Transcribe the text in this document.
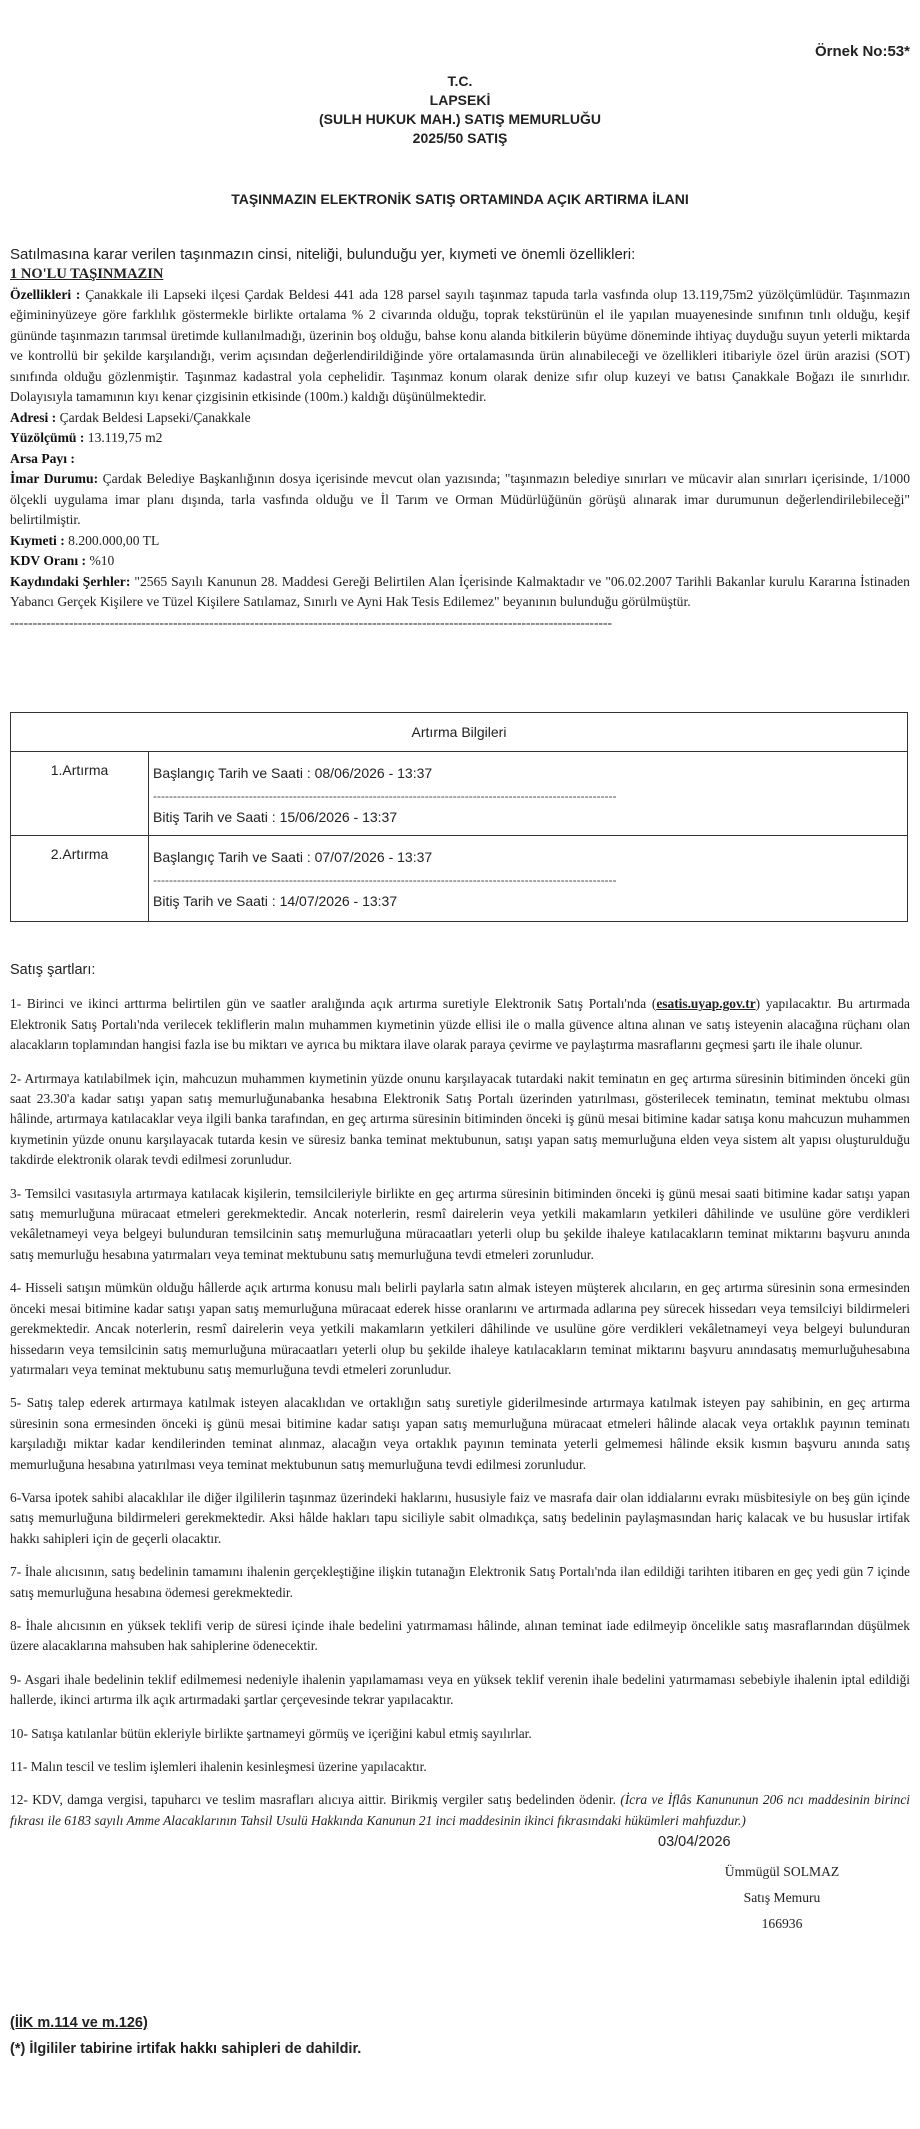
Örnek No:53*
T.C.
LAPSEKİ
(SULH HUKUK MAH.) SATIŞ MEMURLUĞU
2025/50 SATIŞ
TAŞINMAZIN ELEKTRONİK SATIŞ ORTAMINDA AÇIK ARTIRMA İLANI
Satılmasına karar verilen taşınmazın cinsi, niteliği, bulunduğu yer, kıymeti ve önemli özellikleri:

1 NO'LU TAŞINMAZIN

Özellikleri : Çanakkale ili Lapseki ilçesi Çardak Beldesi 441 ada 128 parsel sayılı taşınmaz tapuda tarla vasfında olup 13.119,75m2 yüzölçümlüdür. Taşınmazın eğimininyüzeye göre farklılık göstermekle birlikte ortalama % 2 civarında olduğu, toprak tekstürünün el ile yapılan muayenesinde sınıfının tınlı olduğu, keşif gününde taşınmazın tarımsal üretimde kullanılmadığı, üzerinin boş olduğu, bahse konu alanda bitkilerin büyüme döneminde ihtiyaç duyduğu suyun yeterli miktarda ve kontrollü bir şekilde karşılandığı, verim açısından değerlendirildiğinde yöre ortalamasında ürün alınabileceği ve özellikleri itibariyle özel ürün arazisi (SOT) sınıfında olduğu gözlenmiştir. Taşınmaz kadastral yola cephelidir. Taşınmaz konum olarak denize sıfır olup kuzeyi ve batısı Çanakkale Boğazı ile sınırlıdır. Dolayısıyla tamamının kıyı kenar çizgisinin etkisinde (100m.) kaldığı düşünülmektedir.

Adresi : Çardak Beldesi Lapseki/Çanakkale

Yüzölçümü : 13.119,75 m2

Arsa Payı :

İmar Durumu: Çardak Belediye Başkanlığının dosya içerisinde mevcut olan yazısında; "taşınmazın belediye sınırları ve mücavir alan sınırları içerisinde, 1/1000 ölçekli uygulama imar planı dışında, tarla vasfında olduğu ve İl Tarım ve Orman Müdürlüğünün görüşü alınarak imar durumunun değerlendirilebileceği" belirtilmiştir.

Kıymeti : 8.200.000,00 TL

KDV Oranı : %10

Kaydındaki Şerhler: "2565 Sayılı Kanunun 28. Maddesi Gereği Belirtilen Alan İçerisinde Kalmaktadır ve "06.02.2007 Tarihli Bakanlar kurulu Kararına İstinaden Yabancı Gerçek Kişilere ve Tüzel Kişilere Satılamaz, Sınırlı ve Ayni Hak Tesis Edilemez" beyanının bulunduğu görülmüştür.

-------------------------------------------------------------------------------------------------------------------------------------

Artırma Bilgileri	
1.Artırma	Başlangıç Tarih ve Saati : 08/06/2026 - 13:37
--------------------------------------------------------------------------------------------------------------------
Bitiş Tarih ve Saati : 15/06/2026 - 13:37

2.Artırma	Başlangıç Tarih ve Saati : 07/07/2026 - 13:37
--------------------------------------------------------------------------------------------------------------------
Bitiş Tarih ve Saati : 14/07/2026 - 13:37

Satış şartları:

1- Birinci ve ikinci arttırma belirtilen gün ve saatler aralığında açık artırma suretiyle Elektronik Satış Portalı'nda (esatis.uyap.gov.tr) yapılacaktır. Bu artırmada Elektronik Satış Portalı'nda verilecek tekliflerin malın muhammen kıymetinin yüzde ellisi ile o malla güvence altına alınan ve satış isteyenin alacağına rüçhanı olan alacakların toplamından hangisi fazla ise bu miktarı ve ayrıca bu miktara ilave olarak paraya çevirme ve paylaştırma masraflarını geçmesi şartı ile ihale olunur.

2- Artırmaya katılabilmek için, mahcuzun muhammen kıymetinin yüzde onunu karşılayacak tutardaki nakit teminatın en geç artırma süresinin bitiminden önceki gün saat 23.30'a kadar satışı yapan satış memurluğunabanka hesabına Elektronik Satış Portalı üzerinden yatırılması, gösterilecek teminatın, teminat mektubu olması hâlinde, artırmaya katılacaklar veya ilgili banka tarafından, en geç artırma süresinin bitiminden önceki iş günü mesai bitimine kadar satışa konu mahcuzun muhammen kıymetinin yüzde onunu karşılayacak tutarda kesin ve süresiz banka teminat mektubunun, satışı yapan satış memurluğuna elden veya sistem alt yapısı oluşturulduğu takdirde elektronik olarak tevdi edilmesi zorunludur.

3- Temsilci vasıtasıyla artırmaya katılacak kişilerin, temsilcileriyle birlikte en geç artırma süresinin bitiminden önceki iş günü mesai saati bitimine kadar satışı yapan satış memurluğuna müracaat etmeleri gerekmektedir. Ancak noterlerin, resmî dairelerin veya yetkili makamların yetkileri dâhilinde ve usulüne göre verdikleri vekâletnameyi veya belgeyi bulunduran temsilcinin satış memurluğuna müracaatları yeterli olup bu şekilde ihaleye katılacakların teminat miktarını başvuru anında satış memurluğu hesabına yatırmaları veya teminat mektubunu satış memurluğuna tevdi etmeleri zorunludur.

4- Hisseli satışın mümkün olduğu hâllerde açık artırma konusu malı belirli paylarla satın almak isteyen müşterek alıcıların, en geç artırma süresinin sona ermesinden önceki mesai bitimine kadar satışı yapan satış memurluğuna müracaat ederek hisse oranlarını ve artırmada adlarına pey sürecek hissedarı veya temsilciyi bildirmeleri gerekmektedir. Ancak noterlerin, resmî dairelerin veya yetkili makamların yetkileri dâhilinde ve usulüne göre verdikleri vekâletnameyi veya belgeyi bulunduran hissedarın veya temsilcinin satış memurluğuna müracaatları yeterli olup bu şekilde ihaleye katılacakların teminat miktarını başvuru anındasatış memurluğuhesabına yatırmaları veya teminat mektubunu satış memurluğuna tevdi etmeleri zorunludur.

5- Satış talep ederek artırmaya katılmak isteyen alacaklıdan ve ortaklığın satış suretiyle giderilmesinde artırmaya katılmak isteyen pay sahibinin, en geç artırma süresinin sona ermesinden önceki iş günü mesai bitimine kadar satışı yapan satış memurluğuna müracaat etmeleri hâlinde alacak veya ortaklık payının teminatı karşıladığı miktar kadar kendilerinden teminat alınmaz, alacağın veya ortaklık payının teminata yeterli gelmemesi hâlinde eksik kısmın başvuru anında satış memurluğuna hesabına yatırılması veya teminat mektubunun satış memurluğuna tevdi edilmesi zorunludur.

6-Varsa ipotek sahibi alacaklılar ile diğer ilgililerin taşınmaz üzerindeki haklarını, hususiyle faiz ve masrafa dair olan iddialarını evrakı müsbitesiyle on beş gün içinde satış memurluğuna bildirmeleri gerekmektedir. Aksi hâlde hakları tapu siciliyle sabit olmadıkça, satış bedelinin paylaşmasından hariç kalacak ve bu hususlar irtifak hakkı sahipleri için de geçerli olacaktır.

7- İhale alıcısının, satış bedelinin tamamını ihalenin gerçekleştiğine ilişkin tutanağın Elektronik Satış Portalı'nda ilan edildiği tarihten itibaren en geç yedi gün 7 içinde satış memurluğuna hesabına ödemesi gerekmektedir.

8- İhale alıcısının en yüksek teklifi verip de süresi içinde ihale bedelini yatırmaması hâlinde, alınan teminat iade edilmeyip öncelikle satış masraflarından düşülmek üzere alacaklarına mahsuben hak sahiplerine ödenecektir.

9- Asgari ihale bedelinin teklif edilmemesi nedeniyle ihalenin yapılamaması veya en yüksek teklif verenin ihale bedelini yatırmaması sebebiyle ihalenin iptal edildiği hallerde, ikinci artırma ilk açık artırmadaki şartlar çerçevesinde tekrar yapılacaktır.

10- Satışa katılanlar bütün ekleriyle birlikte şartnameyi görmüş ve içeriğini kabul etmiş sayılırlar.

11- Malın tescil ve teslim işlemleri ihalenin kesinleşmesi üzerine yapılacaktır.

12- KDV, damga vergisi, tapuharcı ve teslim masrafları alıcıya aittir. Birikmiş vergiler satış bedelinden ödenir. (İcra ve İflâs Kanununun 206 ncı maddesinin birinci fıkrası ile 6183 sayılı Amme Alacaklarının Tahsil Usulü Hakkında Kanunun 21 inci maddesinin ikinci fıkrasındaki hükümleri mahfuzdur.)

03/04/2026
Ümmügül SOLMAZ
Satış Memuru
166936
(İİK m.114 ve m.126)
(*) İlgililer tabirine irtifak hakkı sahipleri de dahildir.
